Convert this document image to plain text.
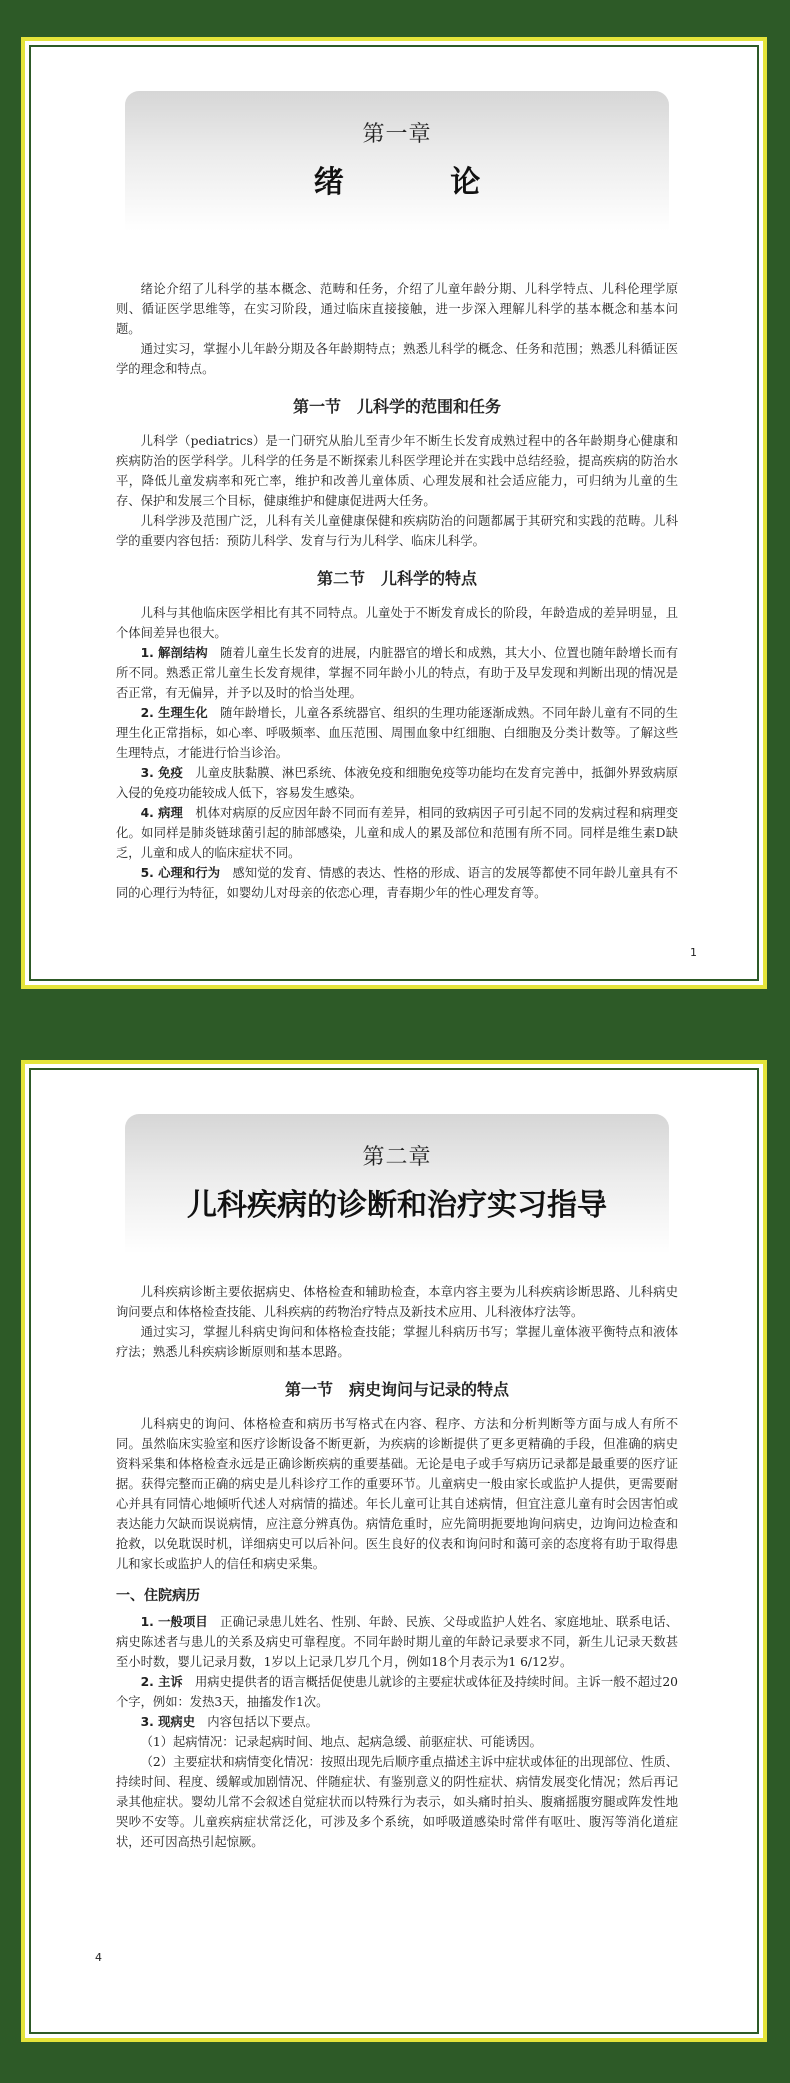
第一章
绪 论

绪论介绍了儿科学的基本概念、范畴和任务，介绍了儿童年龄分期、儿科学特点、儿科伦理学原则、循证医学思维等，在实习阶段，通过临床直接接触，进一步深入理解儿科学的基本概念和基本问题。

通过实习，掌握小儿年龄分期及各年龄期特点；熟悉儿科学的概念、任务和范围；熟悉儿科循证医学的理念和特点。

第一节　儿科学的范围和任务

儿科学（pediatrics）是一门研究从胎儿至青少年不断生长发育成熟过程中的各年龄期身心健康和疾病防治的医学科学。儿科学的任务是不断探索儿科医学理论并在实践中总结经验，提高疾病的防治水平，降低儿童发病率和死亡率，维护和改善儿童体质、心理发展和社会适应能力，可归纳为儿童的生存、保护和发展三个目标，健康维护和健康促进两大任务。

儿科学涉及范围广泛，儿科有关儿童健康保健和疾病防治的问题都属于其研究和实践的范畴。儿科学的重要内容包括：预防儿科学、发育与行为儿科学、临床儿科学。

第二节　儿科学的特点

儿科与其他临床医学相比有其不同特点。儿童处于不断发育成长的阶段，年龄造成的差异明显，且个体间差异也很大。

1. 解剖结构　随着儿童生长发育的进展，内脏器官的增长和成熟，其大小、位置也随年龄增长而有所不同。熟悉正常儿童生长发育规律，掌握不同年龄小儿的特点，有助于及早发现和判断出现的情况是否正常，有无偏异，并予以及时的恰当处理。

2. 生理生化　随年龄增长，儿童各系统器官、组织的生理功能逐渐成熟。不同年龄儿童有不同的生理生化正常指标，如心率、呼吸频率、血压范围、周围血象中红细胞、白细胞及分类计数等。了解这些生理特点，才能进行恰当诊治。

3. 免疫　儿童皮肤黏膜、淋巴系统、体液免疫和细胞免疫等功能均在发育完善中，抵御外界致病原入侵的免疫功能较成人低下，容易发生感染。

4. 病理　机体对病原的反应因年龄不同而有差异，相同的致病因子可引起不同的发病过程和病理变化。如同样是肺炎链球菌引起的肺部感染，儿童和成人的累及部位和范围有所不同。同样是维生素D缺乏，儿童和成人的临床症状不同。

5. 心理和行为　感知觉的发育、情感的表达、性格的形成、语言的发展等都使不同年龄儿童具有不同的心理行为特征，如婴幼儿对母亲的依恋心理，青春期少年的性心理发育等。

1
第二章
儿科疾病的诊断和治疗实习指导

儿科疾病诊断主要依据病史、体格检查和辅助检查，本章内容主要为儿科疾病诊断思路、儿科病史询问要点和体格检查技能、儿科疾病的药物治疗特点及新技术应用、儿科液体疗法等。

通过实习，掌握儿科病史询问和体格检查技能；掌握儿科病历书写；掌握儿童体液平衡特点和液体疗法；熟悉儿科疾病诊断原则和基本思路。

第一节　病史询问与记录的特点

儿科病史的询问、体格检查和病历书写格式在内容、程序、方法和分析判断等方面与成人有所不同。虽然临床实验室和医疗诊断设备不断更新，为疾病的诊断提供了更多更精确的手段，但准确的病史资料采集和体格检查永远是正确诊断疾病的重要基础。无论是电子或手写病历记录都是最重要的医疗证据。获得完整而正确的病史是儿科诊疗工作的重要环节。儿童病史一般由家长或监护人提供，更需要耐心并具有同情心地倾听代述人对病情的描述。年长儿童可让其自述病情，但宜注意儿童有时会因害怕或表达能力欠缺而误说病情，应注意分辨真伪。病情危重时，应先简明扼要地询问病史，边询问边检查和抢救，以免耽误时机，详细病史可以后补问。医生良好的仪表和询问时和蔼可亲的态度将有助于取得患儿和家长或监护人的信任和病史采集。

一、住院病历

1. 一般项目　正确记录患儿姓名、性别、年龄、民族、父母或监护人姓名、家庭地址、联系电话、病史陈述者与患儿的关系及病史可靠程度。不同年龄时期儿童的年龄记录要求不同，新生儿记录天数甚至小时数，婴儿记录月数，1岁以上记录几岁几个月，例如18个月表示为1 6/12岁。

2. 主诉　用病史提供者的语言概括促使患儿就诊的主要症状或体征及持续时间。主诉一般不超过20个字，例如：发热3天，抽搐发作1次。

3. 现病史　内容包括以下要点。

（1）起病情况：记录起病时间、地点、起病急缓、前驱症状、可能诱因。

（2）主要症状和病情变化情况：按照出现先后顺序重点描述主诉中症状或体征的出现部位、性质、持续时间、程度、缓解或加剧情况、伴随症状、有鉴别意义的阴性症状、病情发展变化情况；然后再记录其他症状。婴幼儿常不会叙述自觉症状而以特殊行为表示，如头痛时拍头、腹痛摇腹穷腿或阵发性地哭吵不安等。儿童疾病症状常泛化，可涉及多个系统，如呼吸道感染时常伴有呕吐、腹泻等消化道症状，还可因高热引起惊厥。

4
